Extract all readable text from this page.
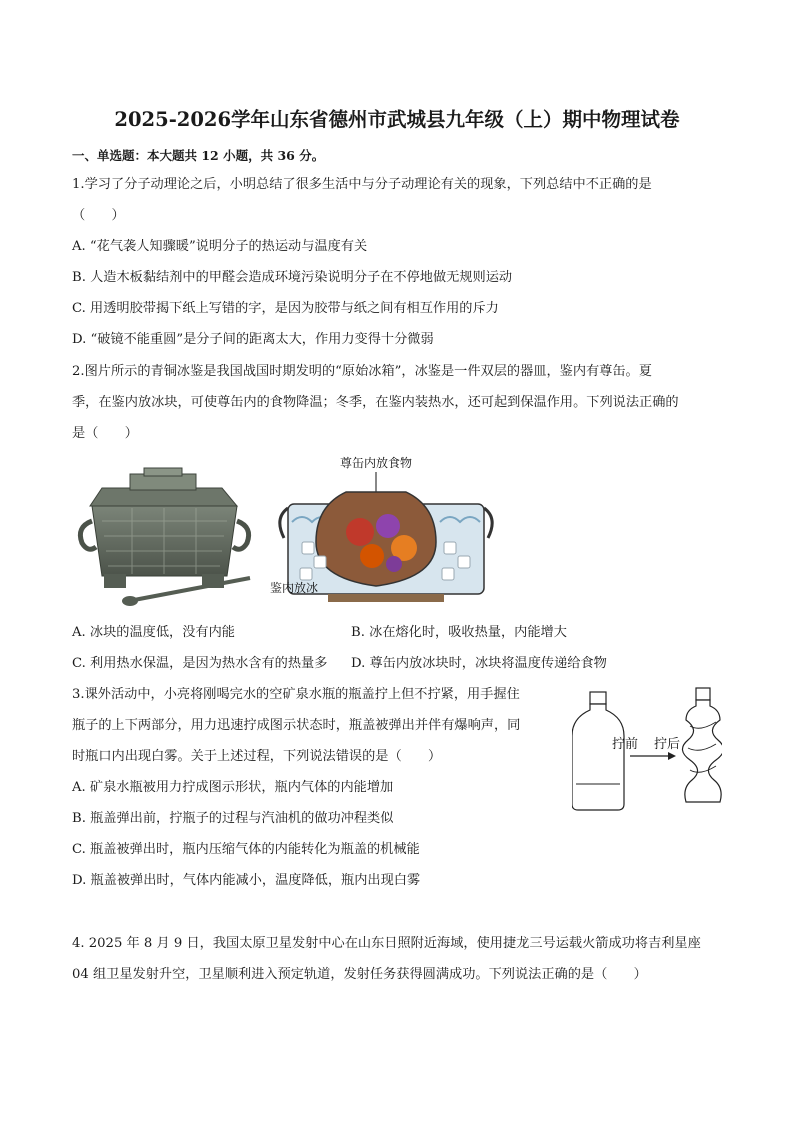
2025-2026学年山东省德州市武城县九年级（上）期中物理试卷
一、单选题：本大题共 12 小题，共 36 分。
1.学习了分子动理论之后，小明总结了很多生活中与分子动理论有关的现象，下列总结中不正确的是
（　　）
A. “花气袭人知骤暖”说明分子的热运动与温度有关
B. 人造木板黏结剂中的甲醛会造成环境污染说明分子在不停地做无规则运动
C. 用透明胶带揭下纸上写错的字，是因为胶带与纸之间有相互作用的斥力
D. “破镜不能重圆”是分子间的距离太大，作用力变得十分微弱
2.图片所示的青铜冰鉴是我国战国时期发明的“原始冰箱”，冰鉴是一件双层的器皿，鉴内有尊缶。夏
季，在鉴内放冰块，可使尊缶内的食物降温；冬季，在鉴内装热水，还可起到保温作用。下列说法正确的
是（　　）
尊缶内放食物
鉴内放冰
A. 冰块的温度低，没有内能	B. 冰在熔化时，吸收热量，内能增大
C. 利用热水保温，是因为热水含有的热量多 D. 尊缶内放冰块时，冰块将温度传递给食物
3.课外活动中，小亮将刚喝完水的空矿泉水瓶的瓶盖拧上但不拧紧，用手握住
瓶子的上下两部分，用力迅速拧成图示状态时，瓶盖被弹出并伴有爆响声，同
时瓶口内出现白雾。关于上述过程，下列说法错误的是（　　）
拧前 拧后
A. 矿泉水瓶被用力拧成图示形状，瓶内气体的内能增加
B. 瓶盖弹出前，拧瓶子的过程与汽油机的做功冲程类似
C. 瓶盖被弹出时，瓶内压缩气体的内能转化为瓶盖的机械能
D. 瓶盖被弹出时，气体内能减小，温度降低，瓶内出现白雾
4. 2025 年 8 月 9 日，我国太原卫星发射中心在山东日照附近海域，使用捷龙三号运载火箭成功将吉利星座
04 组卫星发射升空，卫星顺利进入预定轨道，发射任务获得圆满成功。下列说法正确的是（　　）
